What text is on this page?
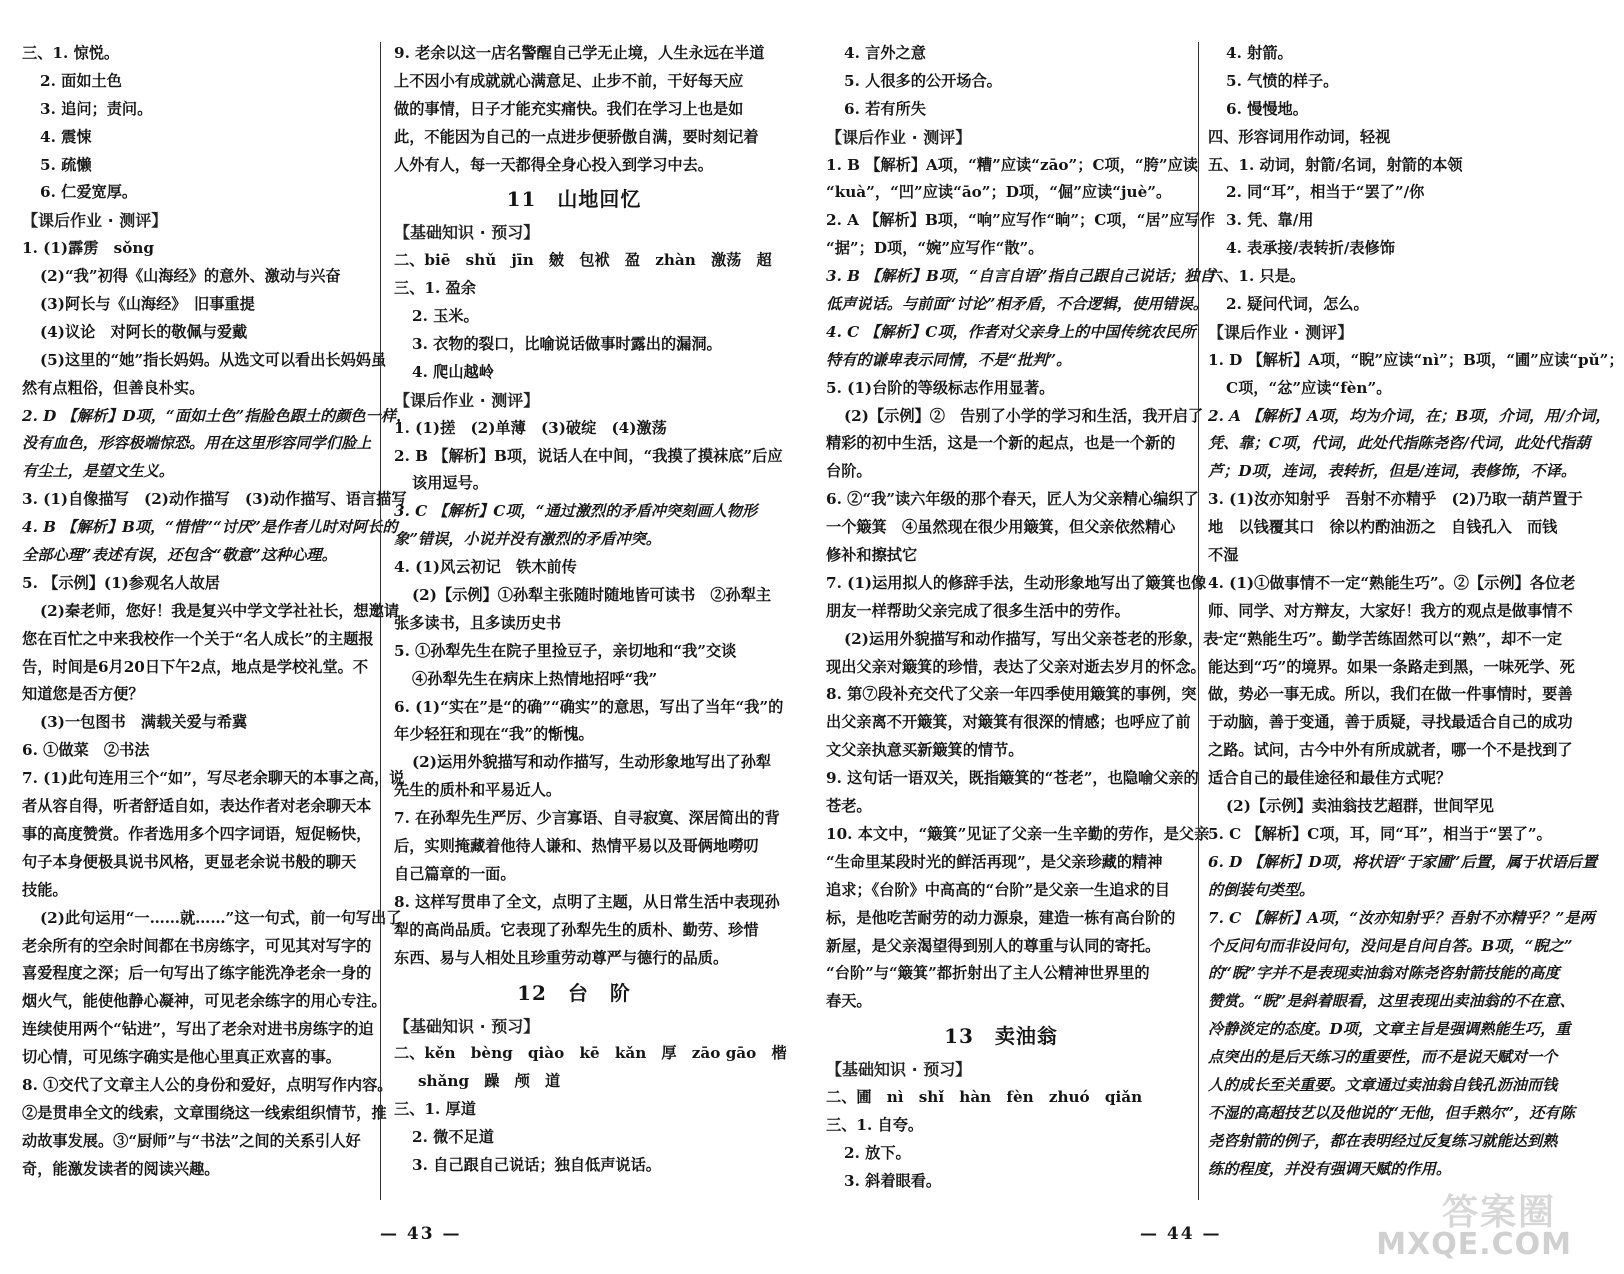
三、1. 惊悦。
2. 面如土色
3. 追问；责问。
4. 震悚
5. 疏懒
6. 仁爱宽厚。
【 课后作业 · 测评 】
1. (1)霹雳　sǒng
(2)“我”初得《山海经》的意外、激动与兴奋
(3)阿长与《山海经》　旧事重提
(4)议论　对阿长的敬佩与爱戴
(5)这里的“她”指长妈妈。从选文可以看出长妈妈虽
然有点粗俗，但善良朴实。
2. D 【解析】D项，“面如土色”指脸色跟土的颜色一样，
没有血色，形容极端惊恐。用在这里形容同学们脸上
有尘土，是望文生义。
3. (1)自像描写　(2)动作描写　(3)动作描写、语言描写
4. B 【解析】B项，“惜惜”“讨厌”是作者儿时对阿长的
全部心理”表述有误，还包含“敬意”这种心理。
5. 【示例】(1)参观名人故居
(2)秦老师，您好！我是复兴中学文学社社长，想邀请
您在百忙之中来我校作一个关于“名人成长”的主题报
告，时间是6月20日下午2点，地点是学校礼堂。不
知道您是否方便？
(3)一包图书　满载关爱与希冀
6. ①做菜　②书法
7. (1)此句连用三个“如”，写尽老余聊天的本事之高，说
者从容自得，听者舒适自如，表达作者对老余聊天本
事的高度赞赏。作者选用多个四字词语，短促畅快，
句子本身便极具说书风格，更显老余说书般的聊天
技能。
(2)此句运用“一……就……”这一句式，前一句写出了
老余所有的空余时间都在书房练字，可见其对写字的
喜爱程度之深；后一句写出了练字能洗净老余一身的
烟火气，能使他静心凝神，可见老余练字的用心专注。
连续使用两个“钻进”，写出了老余对进书房练字的迫
切心情，可见练字确实是他心里真正欢喜的事。
8. ①交代了文章主人公的身份和爱好，点明写作内容。
②是贯串全文的线索，文章围绕这一线索组织情节，推
动故事发展。③“厨师”与“书法”之间的关系引人好
奇，能激发读者的阅读兴趣。
9. 老余以这一店名警醒自己学无止境，人生永远在半道
上不因小有成就就心满意足、止步不前，干好每天应
做的事情，日子才能充实痛快。我们在学习上也是如
此，不能因为自己的一点进步便骄傲自满，要时刻记着
人外有人，每一天都得全身心投入到学习中去。
11　山地回忆
【 基础知识 · 预习 】
二、biē　shǔ　jīn　皴　包袱　盈　zhàn　激荡　超
三、1. 盈余
2. 玉米。
3. 衣物的裂口，比喻说话做事时露出的漏洞。
4. 爬山越岭
【 课后作业 · 测评 】
1. (1)搓　(2)单薄　(3)破绽　(4)激荡
2. B 【解析】B项，说话人在中间，“我摸了摸袜底”后应
该用逗号。
3. C 【解析】C项，“通过激烈的矛盾冲突刻画人物形
象”错误，小说并没有激烈的矛盾冲突。
4. (1)风云初记　铁木前传
(2)【示例】①孙犁主张随时随地皆可读书　②孙犁主
张多读书，且多读历史书
5. ①孙犁先生在院子里捡豆子，亲切地和“我”交谈
④孙犁先生在病床上热情地招呼“我”
6. (1)“实在”是“的确”“确实”的意思，写出了当年“我”的
年少轻狂和现在“我”的惭愧。
(2)运用外貌描写和动作描写，生动形象地写出了孙犁
先生的质朴和平易近人。
7. 在孙犁先生严厉、少言寡语、自寻寂寞、深居简出的背
后，实则掩藏着他待人谦和、热情平易以及哥俩地嘮叨
自己篇章的一面。
8. 这样写贯串了全文，点明了主题，从日常生活中表现孙
犁的高尚品质。它表现了孙犁先生的质朴、勤劳、珍惜
东西、易与人相处且珍重劳动尊严与德行的品质。
12　台　阶
【 基础知识 · 预习 】
二、kěn　bèng　qiào　kē　kǎn　厚　zāo gāo　楷
shǎng　躁　颅　道
三、1. 厚道
2. 微不足道
3. 自己跟自己说话；独自低声说话。
— 43 —
4. 言外之意
5. 人很多的公开场合。
6. 若有所失
【 课后作业 · 测评 】
1. B 【解析】A项，“糟”应读“zāo”；C项，“胯”应读
“kuà”，“凹”应读“āo”；D项，“倔”应读“juè”。
2. A 【解析】B项，“响”应写作“晌”；C项，“居”应写作
“据”；D项，“婉”应写作“散”。
3. B 【解析】B项，“自言自语”指自己跟自己说话；独自
低声说话。与前面“讨论”相矛盾，不合逻辑，使用错误。
4. C 【解析】C项，作者对父亲身上的中国传统农民所
特有的谦卑表示同情，不是“批判”。
5. (1)台阶的等级标志作用显著。
(2)【示例】②　告别了小学的学习和生活，我开启了
精彩的初中生活，这是一个新的起点，也是一个新的
台阶。
6. ②“我”读六年级的那个春天，匠人为父亲精心编织了
一个簸箕　④虽然现在很少用簸箕，但父亲依然精心
修补和擦拭它
7. (1)运用拟人的修辞手法，生动形象地写出了簸箕也像
朋友一样帮助父亲完成了很多生活中的劳作。
(2)运用外貌描写和动作描写，写出父亲苍老的形象，表
现出父亲对簸箕的珍惜，表达了父亲对逝去岁月的怀念。
8. 第⑦段补充交代了父亲一年四季使用簸箕的事例，突
出父亲离不开簸箕，对簸箕有很深的情感；也呼应了前
文父亲执意买新簸箕的情节。
9. 这句话一语双关，既指簸箕的“苍老”，也隐喻父亲的
苍老。
10. 本文中，“簸箕”见证了父亲一生辛勤的劳作，是父亲
“生命里某段时光的鲜活再现”，是父亲珍藏的精神
追求；《台阶》中高高的“台阶”是父亲一生追求的目
标，是他吃苦耐劳的动力源泉，建造一栋有高台阶的
新屋，是父亲渴望得到别人的尊重与认同的寄托。
“台阶”与“簸箕”都折射出了主人公精神世界里的
春天。
13　卖油翁
【 基础知识 · 预习 】
二、圃　nì　shǐ　hàn　fèn　zhuó　qiǎn
三、1. 自夸。
2. 放下。
3. 斜着眼看。
4. 射箭。
5. 气愤的样子。
6. 慢慢地。
四、形容词用作动词，轻视
五、1. 动词，射箭/名词，射箭的本领
2. 同“耳”，相当于“罢了”/你
3. 凭、靠/用
4. 表承接/表转折/表修饰
六、1. 只是。
2. 疑问代词，怎么。
【 课后作业 · 测评 】
1. D 【解析】A项，“睨”应读“nì”；B项，“圃”应读“pǔ”；
C项，“忿”应读“fèn”。
2. A 【解析】A项，均为介词，在；B项，介词，用/介词，
凭、靠；C项，代词，此处代指陈尧咨/代词，此处代指葫
芦；D项，连词，表转折，但是/连词，表修饰，不译。
3. (1)汝亦知射乎　吾射不亦精乎　(2)乃取一葫芦置于
地　以钱覆其口　徐以杓酌油沥之　自钱孔入　而钱
不湿
4. (1)①做事情不一定“熟能生巧”。②【示例】各位老
师、同学、对方辩友，大家好！我方的观点是做事情不
一定“熟能生巧”。勤学苦练固然可以“熟”，却不一定
能达到“巧”的境界。如果一条路走到黑，一味死学、死
做，势必一事无成。所以，我们在做一件事情时，要善
于动脑，善于变通，善于质疑，寻找最适合自己的成功
之路。试问，古今中外有所成就者，哪一个不是找到了
适合自己的最佳途径和最佳方式呢？
(2)【示例】卖油翁技艺超群，世间罕见
5. C 【解析】C项，耳，同“耳”，相当于“罢了”。
6. D 【解析】D项，将状语“于家圃”后置，属于状语后置
的倒装句类型。
7. C 【解析】A项，“汝亦知射乎？吾射不亦精乎？”是两
个反问句而非设问句，没问是自问自答。B项，“睨之”
的“睨”字并不是表现卖油翁对陈尧咨射箭技能的高度
赞赏。“睨”是斜着眼看，这里表现出卖油翁的不在意、
冷静淡定的态度。D项，文章主旨是强调熟能生巧，重
点突出的是后天练习的重要性，而不是说天赋对一个
人的成长至关重要。文章通过卖油翁自钱孔沥油而钱
不湿的高超技艺以及他说的“无他，但手熟尔”，还有陈
尧咨射箭的例子，都在表明经过反复练习就能达到熟
练的程度，并没有强调天赋的作用。
— 44 —
答案圈
MXQE.COM
